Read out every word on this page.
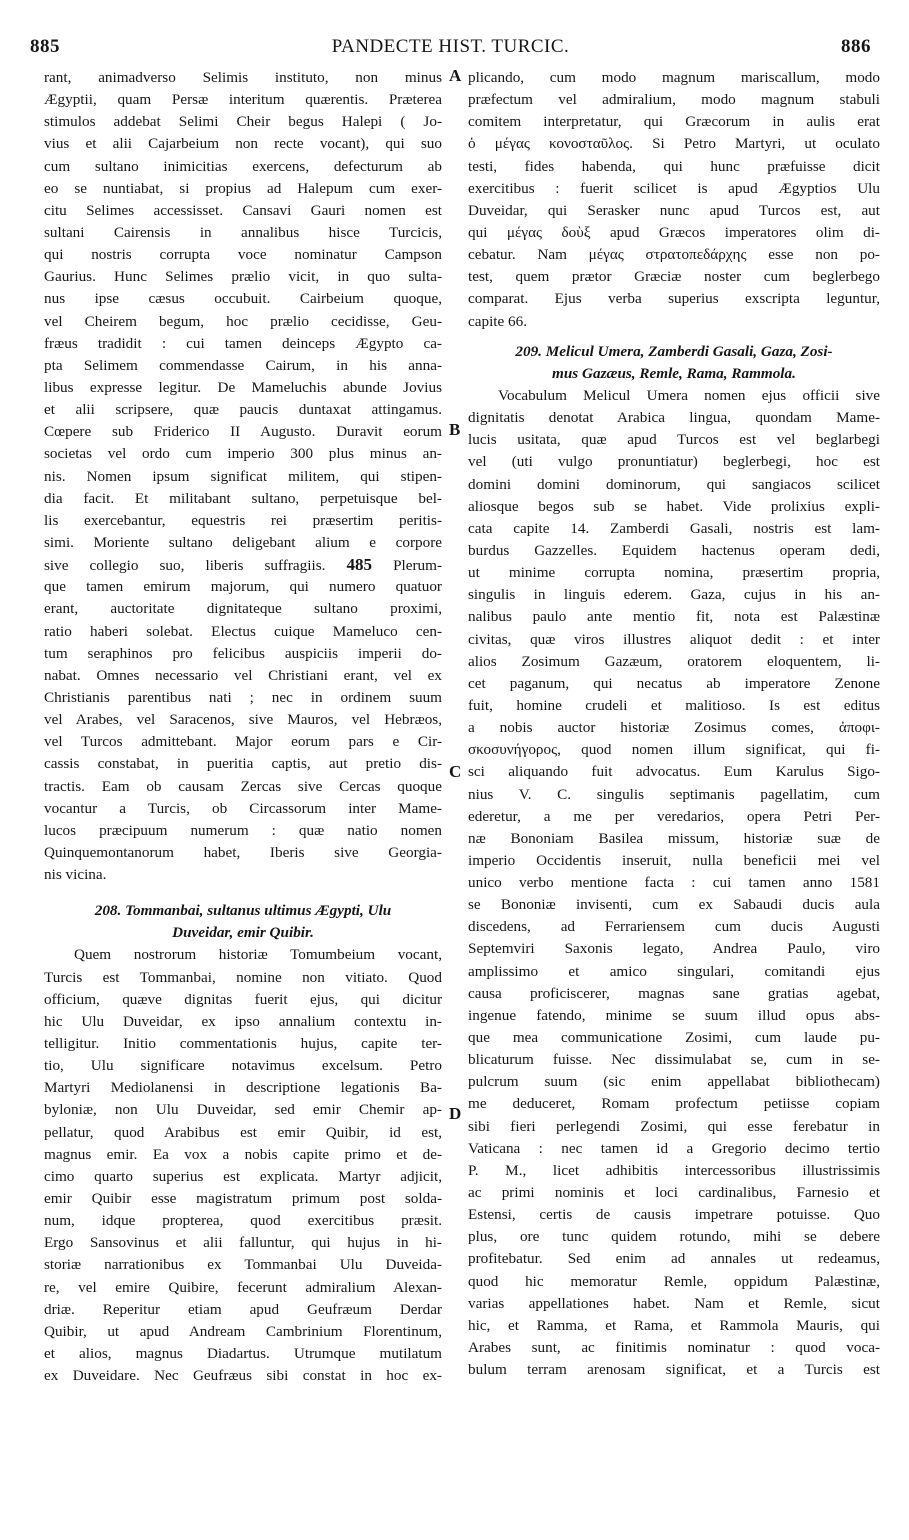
885	PANDECTE HIST. TURCIC.	886
A
B
C
D
rant, animadverso Selimis instituto, non minus
Ægyptii, quam Persæ interitum quærentis. Præterea
stimulos addebat Selimi Cheir begus Halepi ( Jo-
vius et alii Cajarbeium non recte vocant), qui suo
cum sultano inimicitias exercens, defecturum ab
eo se nuntiabat, si propius ad Halepum cum exer-
citu Selimes accessisset. Cansavi Gauri nomen est
sultani Cairensis in annalibus hisce Turcicis,
qui nostris corrupta voce nominatur Campson
Gaurius. Hunc Selimes prælio vicit, in quo sulta-
nus ipse cæsus occubuit. Cairbeium quoque,
vel Cheirem begum, hoc prælio cecidisse, Geu-
fræus tradidit : cui tamen deinceps Ægypto ca-
pta Selimem commendasse Cairum, in his anna-
libus expresse legitur. De Mameluchis abunde Jovius
et alii scripsere, quæ paucis duntaxat attingamus.
Cœpere sub Friderico II Augusto. Duravit eorum
societas vel ordo cum imperio 300 plus minus an-
nis. Nomen ipsum significat militem, qui stipen-
dia facit. Et militabant sultano, perpetuisque bel-
lis exercebantur, equestris rei præsertim peritis-
simi. Moriente sultano deligebant alium e corpore
sive collegio suo, liberis suffragiis. 485 Plerum-
que tamen emirum majorum, qui numero quatuor
erant, auctoritate dignitateque sultano proximi,
ratio haberi solebat. Electus cuique Mameluco cen-
tum seraphinos pro felicibus auspiciis imperii do-
nabat. Omnes necessario vel Christiani erant, vel ex
Christianis parentibus nati ; nec in ordinem suum
vel Arabes, vel Saracenos, sive Mauros, vel Hebræos,
vel Turcos admittebant. Major eorum pars e Cir-
cassis constabat, in pueritia captis, aut pretio dis-
tractis. Eam ob causam Zercas sive Cercas quoque
vocantur a Turcis, ob Circassorum inter Mame-
lucos præcipuum numerum : quæ natio nomen
Quinquemontanorum habet, Iberis sive Georgia-
nis vicina.
208. Tommanbai, sultanus ultimus Ægypti, Ulu
Duveidar, emir Quibir.
Quem nostrorum historiæ Tomumbeium vocant,
Turcis est Tommanbai, nomine non vitiato. Quod
officium, quæve dignitas fuerit ejus, qui dicitur
hic Ulu Duveidar, ex ipso annalium contextu in-
telligitur. Initio commentationis hujus, capite ter-
tio, Ulu significare notavimus excelsum. Petro
Martyri Mediolanensi in descriptione legationis Ba-
byloniæ, non Ulu Duveidar, sed emir Chemir ap-
pellatur, quod Arabibus est emir Quibir, id est,
magnus emir. Ea vox a nobis capite primo et de-
cimo quarto superius est explicata. Martyr adjicit,
emir Quibir esse magistratum primum post solda-
num, idque propterea, quod exercitibus præsit.
Ergo Sansovinus et alii falluntur, qui hujus in hi-
storiæ narrationibus ex Tommanbai Ulu Duveida-
re, vel emire Quibire, fecerunt admiralium Alexan-
driæ. Reperitur etiam apud Geufræum Derdar
Quibir, ut apud Andream Cambrinium Florentinum,
et alios, magnus Diadartus. Utrumque mutilatum
ex Duveidare. Nec Geufræus sibi constat in hoc ex-
plicando, cum modo magnum mariscallum, modo
præfectum vel admiralium, modo magnum stabuli
comitem interpretatur, qui Græcorum in aulis erat
ὁ μέγας κονοσταῦλος. Si Petro Martyri, ut oculato
testi, fides habenda, qui hunc præfuisse dicit
exercitibus : fuerit scilicet is apud Ægyptios Ulu
Duveidar, qui Serasker nunc apud Turcos est, aut
qui μέγας δοὺξ apud Græcos imperatores olim di-
cebatur. Nam μέγας στρατοπεδάρχης esse non po-
test, quem prætor Græciæ noster cum beglerbego
comparat. Ejus verba superius exscripta leguntur,
capite 66.
209. Melicul Umera, Zamberdi Gasali, Gaza, Zosi-
mus Gazæus, Remle, Rama, Rammola.
Vocabulum Melicul Umera nomen ejus officii sive
dignitatis denotat Arabica lingua, quondam Mame-
lucis usitata, quæ apud Turcos est vel beglarbegi
vel (uti vulgo pronuntiatur) beglerbegi, hoc est
domini domini dominorum, qui sangiacos scilicet
aliosque begos sub se habet. Vide prolixius expli-
cata capite 14. Zamberdi Gasali, nostris est lam-
burdus Gazzelles. Equidem hactenus operam dedi,
ut minime corrupta nomina, præsertim propria,
singulis in linguis ederem. Gaza, cujus in his an-
nalibus paulo ante mentio fit, nota est Palæstinæ
civitas, quæ viros illustres aliquot dedit : et inter
alios Zosimum Gazæum, oratorem eloquentem, li-
cet paganum, qui necatus ab imperatore Zenone
fuit, homine crudeli et malitioso. Is est editus
a nobis auctor historiæ Zosimus comes, ἀποφι-
σκοσυνήγορος, quod nomen illum significat, qui fi-
sci aliquando fuit advocatus. Eum Karulus Sigo-
nius V. C. singulis septimanis pagellatim, cum
ederetur, a me per veredarios, opera Petri Per-
næ Bononiam Basilea missum, historiæ suæ de
imperio Occidentis inseruit, nulla beneficii mei vel
unico verbo mentione facta : cui tamen anno 1581
se Bononiæ invisenti, cum ex Sabaudi ducis aula
discedens, ad Ferrariensem cum ducis Augusti
Septemviri Saxonis legato, Andrea Paulo, viro
amplissimo et amico singulari, comitandi ejus
causa proficiscerer, magnas sane gratias agebat,
ingenue fatendo, minime se suum illud opus abs-
que mea communicatione Zosimi, cum laude pu-
blicaturum fuisse. Nec dissimulabat se, cum in se-
pulcrum suum (sic enim appellabat bibliothecam)
me deduceret, Romam profectum petiisse copiam
sibi fieri perlegendi Zosimi, qui esse ferebatur in
Vaticana : nec tamen id a Gregorio decimo tertio
P. M., licet adhibitis intercessoribus illustrissimis
ac primi nominis et loci cardinalibus, Farnesio et
Estensi, certis de causis impetrare potuisse. Quo
plus, ore tunc quidem rotundo, mihi se debere
profitebatur. Sed enim ad annales ut redeamus,
quod hic memoratur Remle, oppidum Palæstinæ,
varias appellationes habet. Nam et Remle, sicut
hic, et Ramma, et Rama, et Rammola Mauris, qui
Arabes sunt, ac finitimis nominatur : quod voca-
bulum terram arenosam significat, et a Turcis est
